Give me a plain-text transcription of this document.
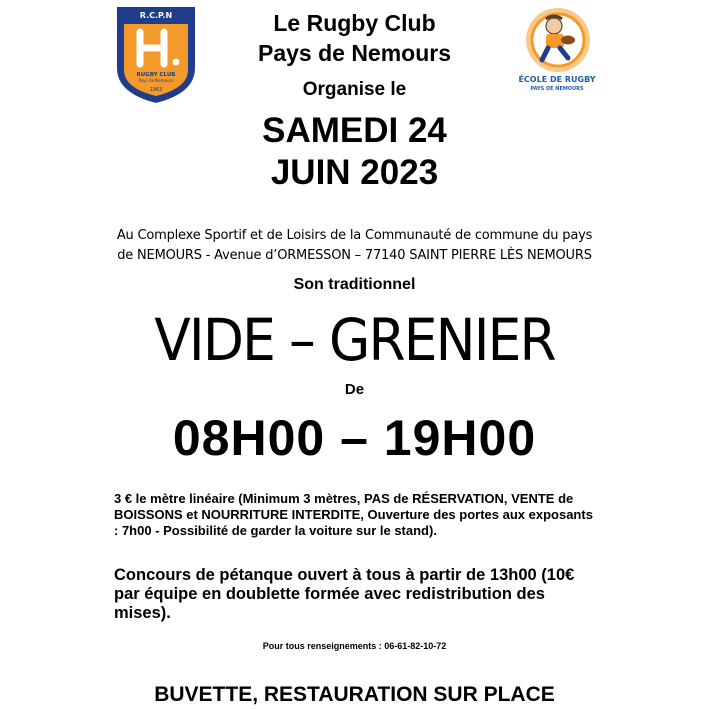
R.C.P.N
RUGBY CLUB
Pays de Nemours
1963
ÉCOLE DE RUGBY
PAYS DE NEMOURS
Le Rugby Club
Pays de Nemours
Organise le
SAMEDI 24
JUIN 2023
Au Complexe Sportif et de Loisirs de la Communauté de commune du pays
de NEMOURS - Avenue d’ORMESSON – 77140 SAINT PIERRE LÈS NEMOURS
Son traditionnel
VIDE – GRENIER
De
08H00 – 19H00
3 € le mètre linéaire (Minimum 3 mètres, PAS de RÉSERVATION, VENTE de BOISSONS et NOURRITURE INTERDITE, Ouverture des portes aux exposants : 7h00 - Possibilité de garder la voiture sur le stand).
Concours de pétanque ouvert à tous à partir de 13h00 (10€ par équipe en doublette formée avec redistribution des mises).
Pour tous renseignements : 06-61-82-10-72
BUVETTE, RESTAURATION SUR PLACE
